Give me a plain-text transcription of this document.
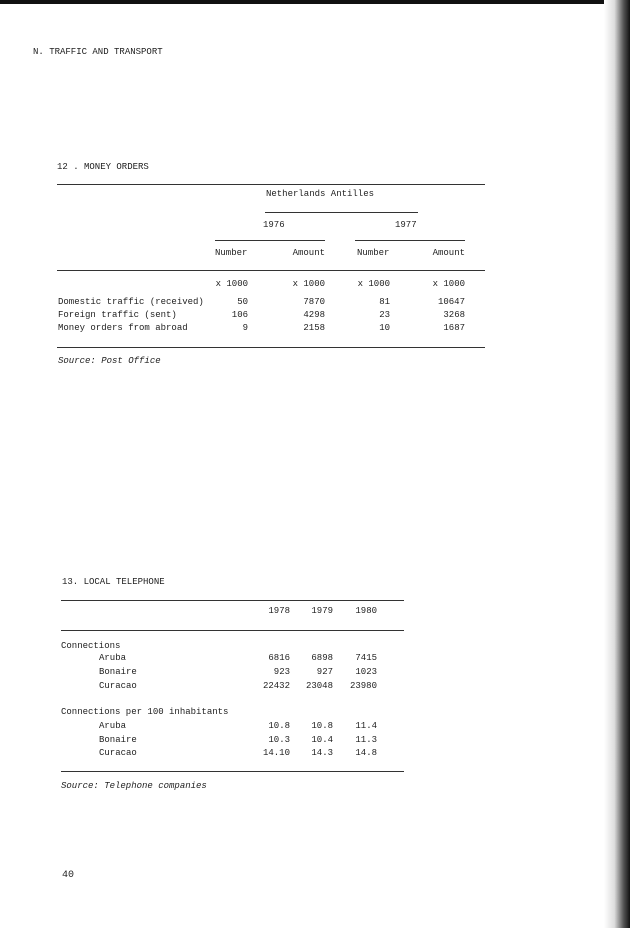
N. TRAFFIC AND TRANSPORT
12 . MONEY ORDERS
Netherlands Antilles
1976	1977
Number	Amount	Number	Amount
x 1000	x 1000	x 1000	x 1000
Domestic traffic (received)	50	7870	81	10647
Foreign traffic (sent)	106	4298	23	3268
Money orders from abroad	9	2158	10	1687
Source: Post Office
13. LOCAL TELEPHONE
1978	1979	1980
Connections
Aruba	6816	6898	7415
Bonaire	923	927	1023
Curacao	22432	23048	23980
Connections per 100 inhabitants
Aruba	10.8	10.8	11.4
Bonaire	10.3	10.4	11.3
Curacao	14.10	14.3	14.8
Source: Telephone companies
40
